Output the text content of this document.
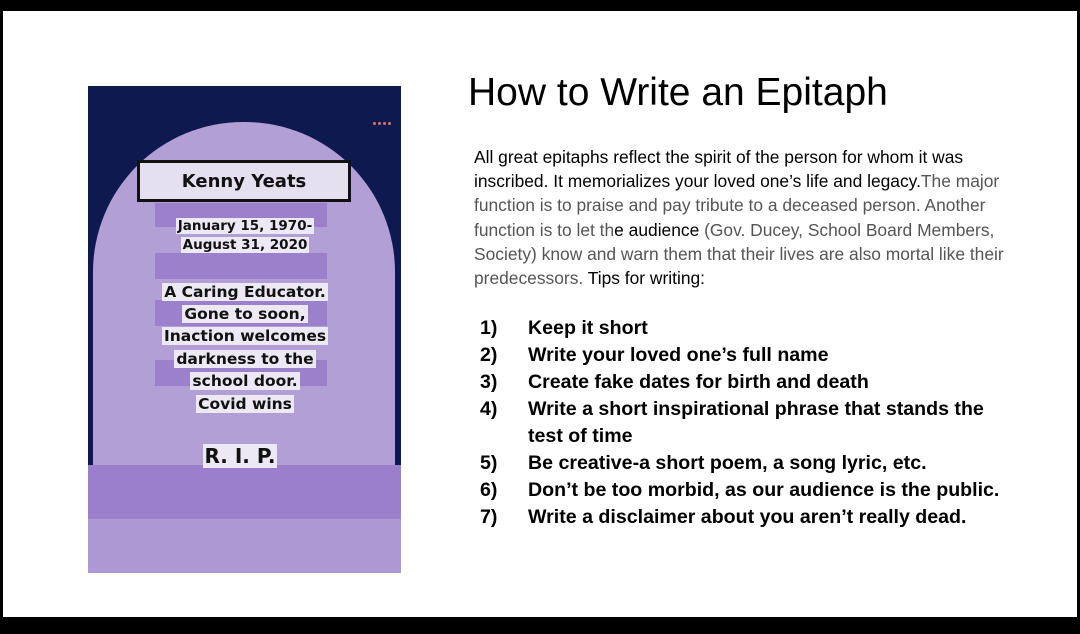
Kenny Yeats
January 15, 1970-
August 31, 2020
A Caring Educator.
Gone to soon,
Inaction welcomes
darkness to the
school door.
Covid wins
R. I. P.
How to Write an Epitaph
All great epitaphs reflect the spirit of the person for whom it was inscribed. It memorializes your loved one’s life and legacy.The major function is to praise and pay tribute to a deceased person. Another function is to let the audience (Gov. Ducey, School Board Members, Society) know and warn them that their lives are also mortal like their predecessors. Tips for writing:
1)	Keep it short
2)	Write your loved one’s full name
3)	Create fake dates for birth and death
4)	Write a short inspirational phrase that stands the test of time
5)	Be creative-a short poem, a song lyric, etc.
6)	Don’t be too morbid, as our audience is the public.
7)	Write a disclaimer about you aren’t really dead.
